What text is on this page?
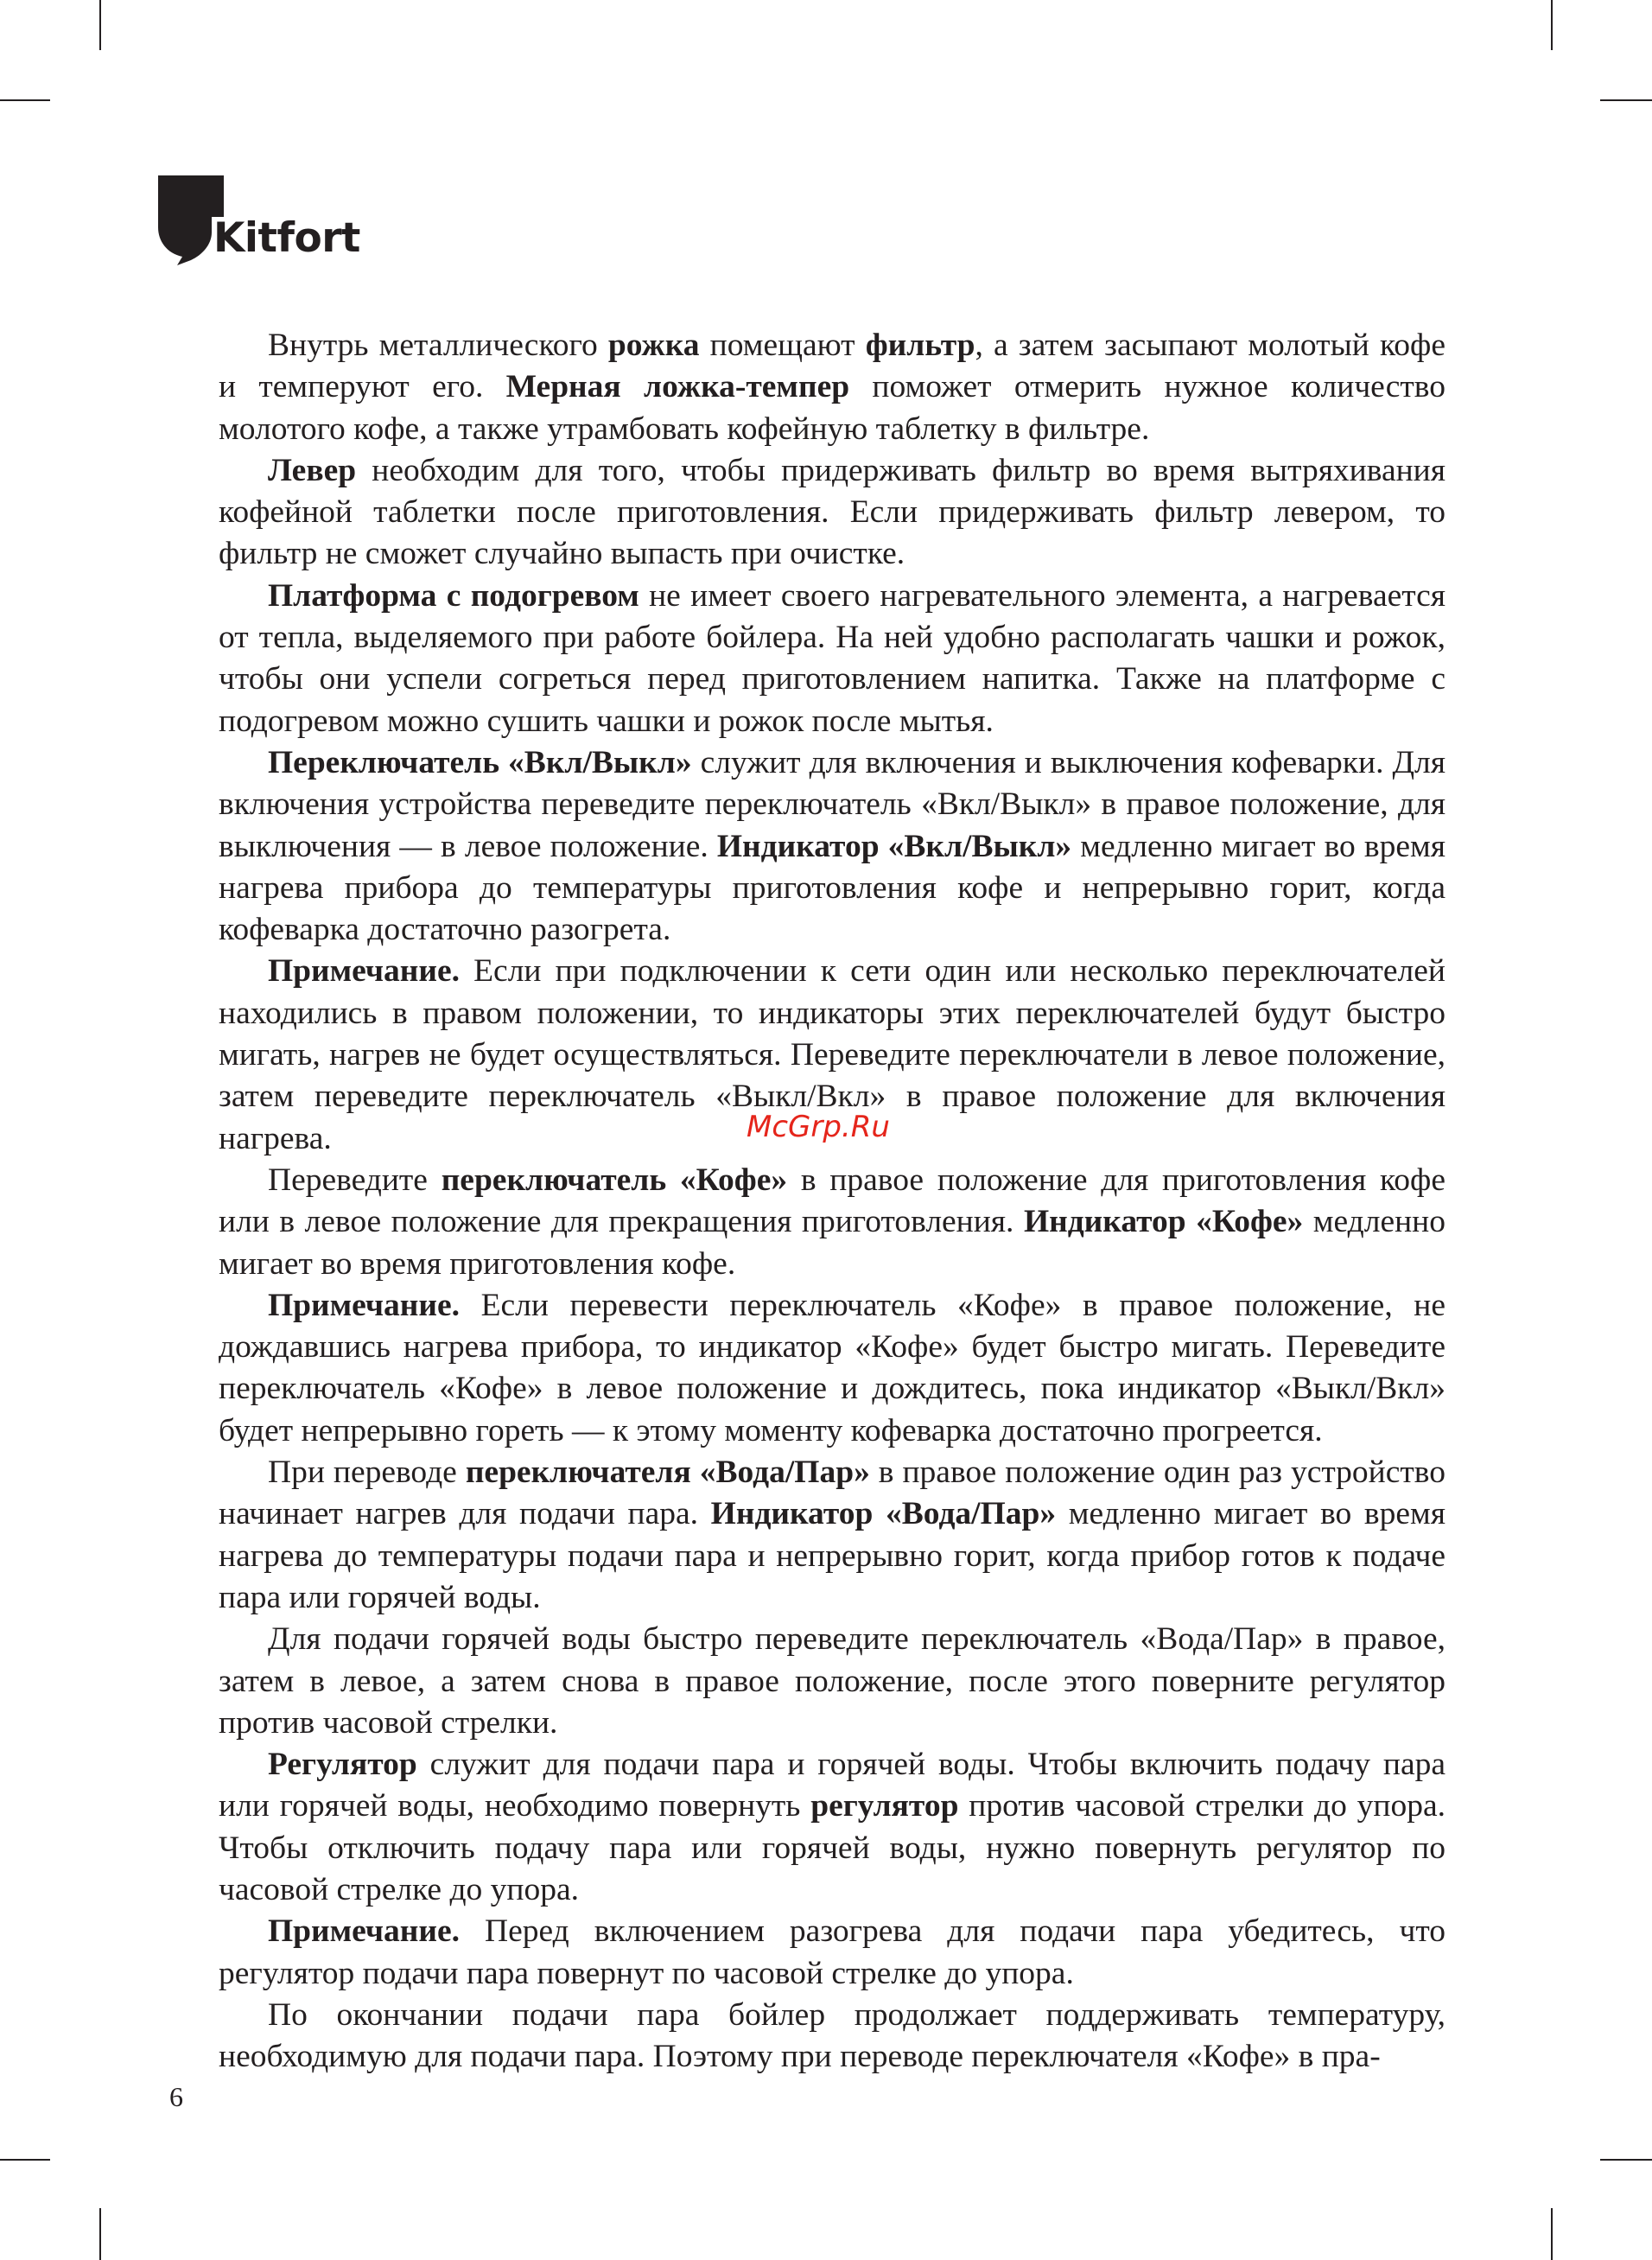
Kitfort

Внутрь металлического рожка помещают фильтр, а затем засыпают молотый кофе и темперуют его. Мерная ложка-темпер поможет отмерить нужное количество молотого кофе, а также утрамбовать кофейную таблетку в фильтре.

Левер необходим для того, чтобы придерживать фильтр во время вытряхивания кофейной таблетки после приготовления. Если придерживать фильтр левером, то фильтр не сможет случайно выпасть при очистке.

Платформа с подогревом не имеет своего нагревательного элемента, а нагревается от тепла, выделяемого при работе бойлера. На ней удобно располагать чашки и рожок, чтобы они успели согреться перед приготовлением напитка. Также на платформе с подогревом можно сушить чашки и рожок после мытья.

Переключатель «Вкл/Выкл» служит для включения и выключения кофеварки. Для включения устройства переведите переключатель «Вкл/Выкл» в правое положение, для выключения — в левое положение. Индикатор «Вкл/Выкл» медленно мигает во время нагрева прибора до температуры приготовления кофе и непрерывно горит, когда кофеварка достаточно разогрета.

Примечание. Если при подключении к сети один или несколько переключателей находились в правом положении, то индикаторы этих переключателей будут быстро мигать, нагрев не будет осуществляться. Переведите переключатели в левое положение, затем переведите переключатель «Выкл/Вкл» в правое положение для включения нагрева.

Переведите переключатель «Кофе» в правое положение для приготовления кофе или в левое положение для прекращения приготовления. Индикатор «Кофе» медленно мигает во время приготовления кофе.

Примечание. Если перевести переключатель «Кофе» в правое положение, не дождавшись нагрева прибора, то индикатор «Кофе» будет быстро мигать. Переведите переключатель «Кофе» в левое положение и дождитесь, пока индикатор «Выкл/Вкл» будет непрерывно гореть — к этому моменту кофеварка достаточно прогреется.

При переводе переключателя «Вода/Пар» в правое положение один раз устройство начинает нагрев для подачи пара. Индикатор «Вода/Пар» медленно мигает во время нагрева до температуры подачи пара и непрерывно горит, когда прибор готов к подаче пара или горячей воды.

Для подачи горячей воды быстро переведите переключатель «Вода/Пар» в правое, затем в левое, а затем снова в правое положение, после этого поверните регулятор против часовой стрелки.

Регулятор служит для подачи пара и горячей воды. Чтобы включить подачу пара или горячей воды, необходимо повернуть регулятор против часовой стрелки до упора. Чтобы отключить подачу пара или горячей воды, нужно повернуть регулятор по часовой стрелке до упора.

Примечание. Перед включением разогрева для подачи пара убедитесь, что регулятор подачи пара повернут по часовой стрелке до упора.

По окончании подачи пара бойлер продолжает поддерживать температуру, необходимую для подачи пара. Поэтому при переводе переключателя «Кофе» в пра-

McGrp.Ru
6
